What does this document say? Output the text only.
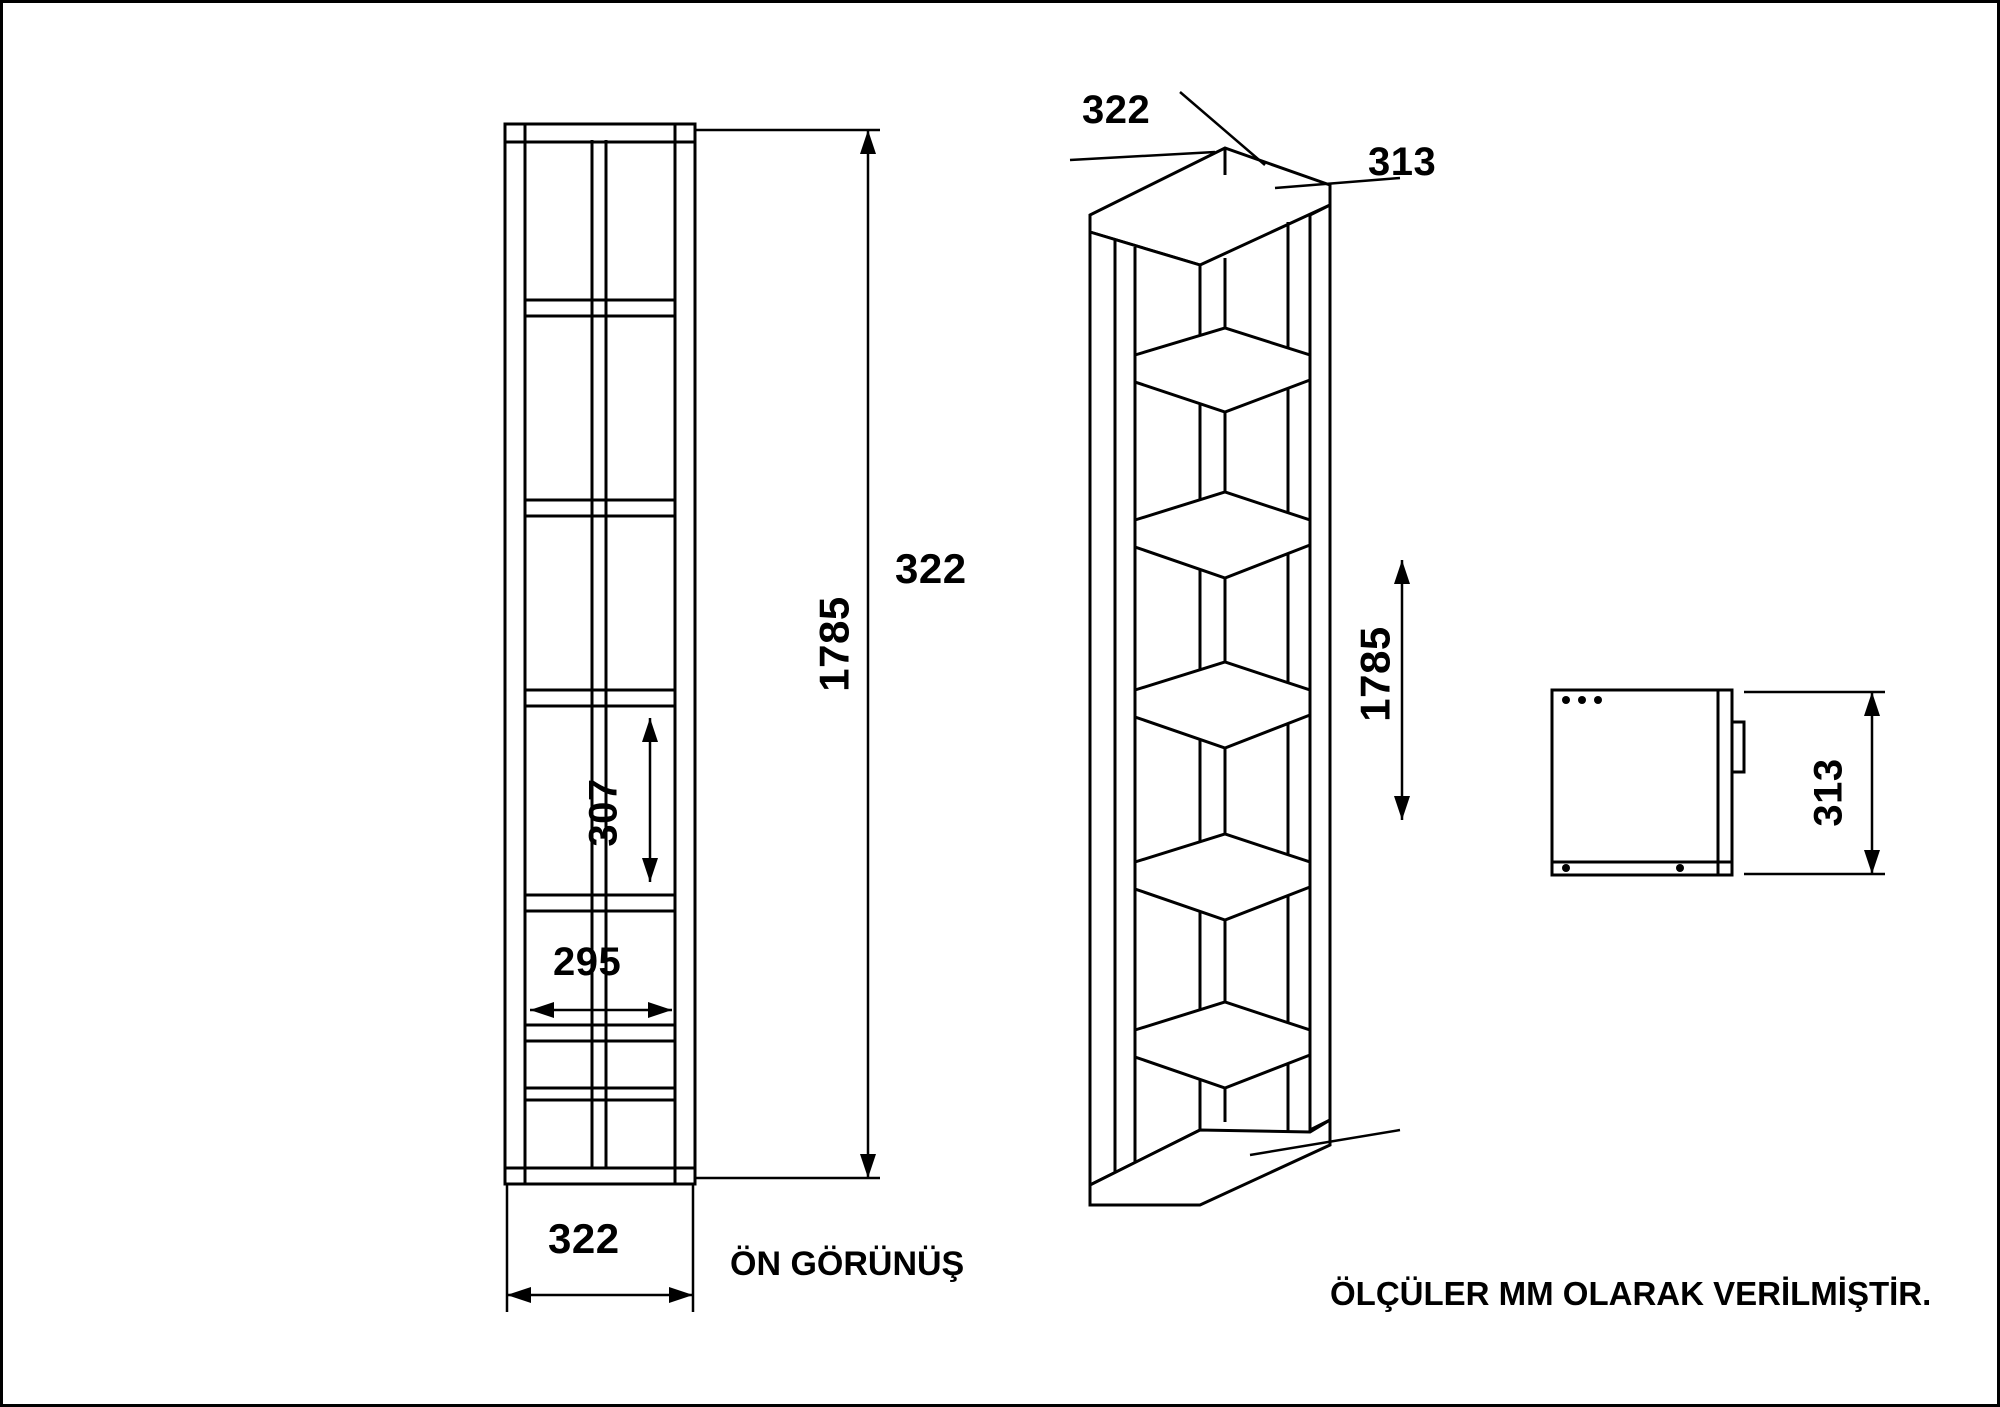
1785
322
307
295
322
ÖN GÖRÜNÜŞ
322
313
1785
313
ÖLÇÜLER MM OLARAK VERİLMİŞTİR.
